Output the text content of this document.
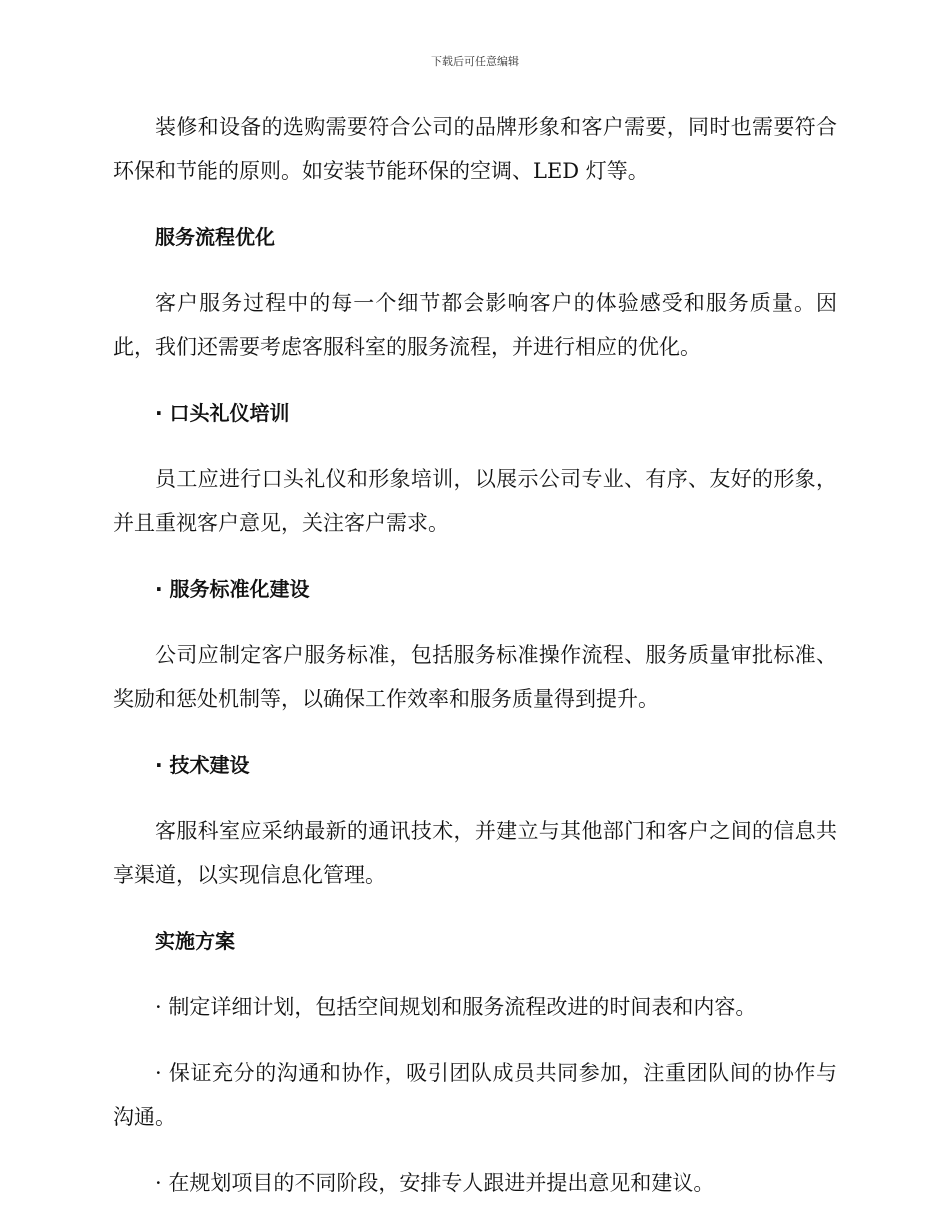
下载后可任意编辑

装修和设备的选购需要符合公司的品牌形象和客户需要，同时也需要符合环保和节能的原则。如安装节能环保的空调、LED 灯等。

服务流程优化

客户服务过程中的每一个细节都会影响客户的体验感受和服务质量。因此，我们还需要考虑客服科室的服务流程，并进行相应的优化。

· 口头礼仪培训

员工应进行口头礼仪和形象培训，以展示公司专业、有序、友好的形象，并且重视客户意见，关注客户需求。

· 服务标准化建设

公司应制定客户服务标准，包括服务标准操作流程、服务质量审批标准、奖励和惩处机制等，以确保工作效率和服务质量得到提升。

· 技术建设

客服科室应采纳最新的通讯技术，并建立与其他部门和客户之间的信息共享渠道，以实现信息化管理。

实施方案

· 制定详细计划，包括空间规划和服务流程改进的时间表和内容。

· 保证充分的沟通和协作，吸引团队成员共同参加，注重团队间的协作与沟通。

· 在规划项目的不同阶段，安排专人跟进并提出意见和建议。
